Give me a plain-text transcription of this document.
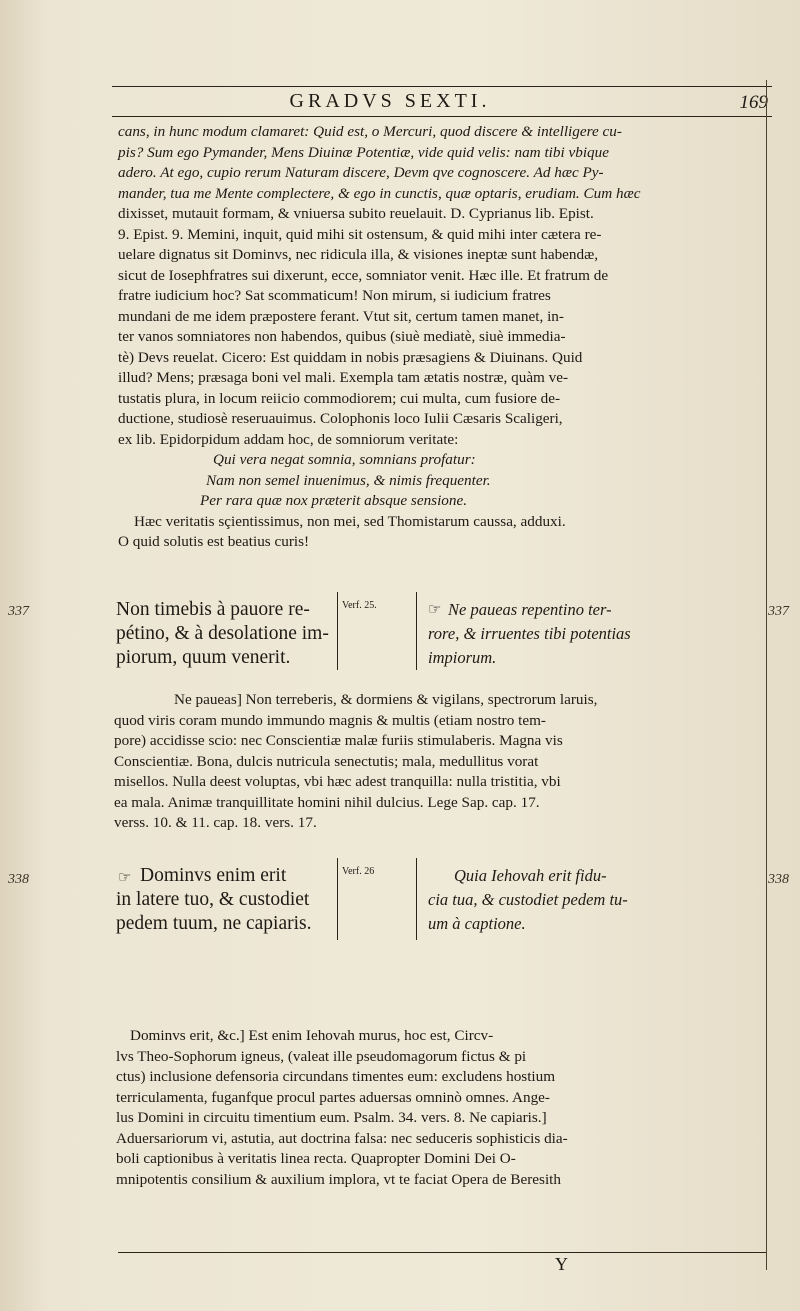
GRADVS SEXTI.	169
cans, in hunc modum clamaret: Quid est, o Mercuri, quod discere & intelligere cu-
pis? Sum ego Pymander, Mens Diuinæ Potentiæ, vide quid velis: nam tibi vbique
adero. At ego, cupio rerum Naturam discere, Devm qve cognoscere. Ad hæc Py-
mander, tua me Mente complectere, & ego in cunctis, quæ optaris, erudiam. Cum hæc
dixisset, mutauit formam, & vniuersa subito reuelauit. D. Cyprianus lib. Epist.
9. Epist. 9. Memini, inquit, quid mihi sit ostensum, & quid mihi inter cætera re-
uelare dignatus sit Dominvs, nec ridicula illa, & visiones ineptæ sunt habendæ,
sicut de Iosephfratres sui dixerunt, ecce, somniator venit. Hæc ille. Et fratrum de
fratre iudicium hoc? Sat scommaticum! Non mirum, si iudicium fratres
mundani de me idem præpostere ferant. Vtut sit, certum tamen manet, in-
ter vanos somniatores non habendos, quibus (siuè mediatè, siuè immedia-
tè) Devs reuelat. Cicero: Est quiddam in nobis præsagiens & Diuinans. Quid
illud? Mens; præsaga boni vel mali. Exempla tam ætatis nostræ, quàm ve-
tustatis plura, in locum reiicio commodiorem; cui multa, cum fusiore de-
ductione, studiosè reseruauimus. Colophonis loco Iulii Cæsaris Scaligeri,
ex lib. Epidorpidum addam hoc, de somniorum veritate:
Qui vera negat somnia, somnians profatur:
Nam non semel inuenimus, & nimis frequenter.
Per rara quæ nox præterit absque sensione.
Hæc veritatis sçientissimus, non mei, sed Thomistarum caussa, adduxi.
O quid solutis est beatius curis!
337	337
Non timebis à pauore re-
pétino, & à desolatione im-
piorum, quum venerit.
Verf. 25.	☞ Ne paueas repentino ter-
rore, & irruentes tibi potentias
impiorum.
Ne paueas] Non terreberis, & dormiens & vigilans, spectrorum laruis,
quod viris coram mundo immundo magnis & multis (etiam nostro tem-
pore) accidisse scio: nec Conscientiæ malæ furiis stimulaberis. Magna vis
Conscientiæ. Bona, dulcis nutricula senectutis; mala, medullitus vorat
misellos. Nulla deest voluptas, vbi hæc adest tranquilla: nulla tristitia, vbi
ea mala. Animæ tranquillitate homini nihil dulcius. Lege Sap. cap. 17.
verss. 10. & 11. cap. 18. vers. 17.
338	338
☞ Dominvs enim erit
in latere tuo, & custodiet
pedem tuum, ne capiaris.
Verf. 26	Quia Iehovah erit fidu-
cia tua, & custodiet pedem tu-
um à captione.
Dominvs erit, &c.] Est enim Iehovah murus, hoc est, Circv-
lvs Theo-Sophorum igneus, (valeat ille pseudomagorum fictus & pi
ctus) inclusione defensoria circundans timentes eum: excludens hostium
terriculamenta, fuganfque procul partes aduersas omninò omnes. Ange-
lus Domini in circuitu timentium eum. Psalm. 34. vers. 8. Ne capiaris.]
Aduersariorum vi, astutia, aut doctrina falsa: nec seduceris sophisticis dia-
boli captionibus à veritatis linea recta. Quapropter Domini Dei O-
mnipotentis consilium & auxilium implora, vt te faciat Opera de Beresith
Y
